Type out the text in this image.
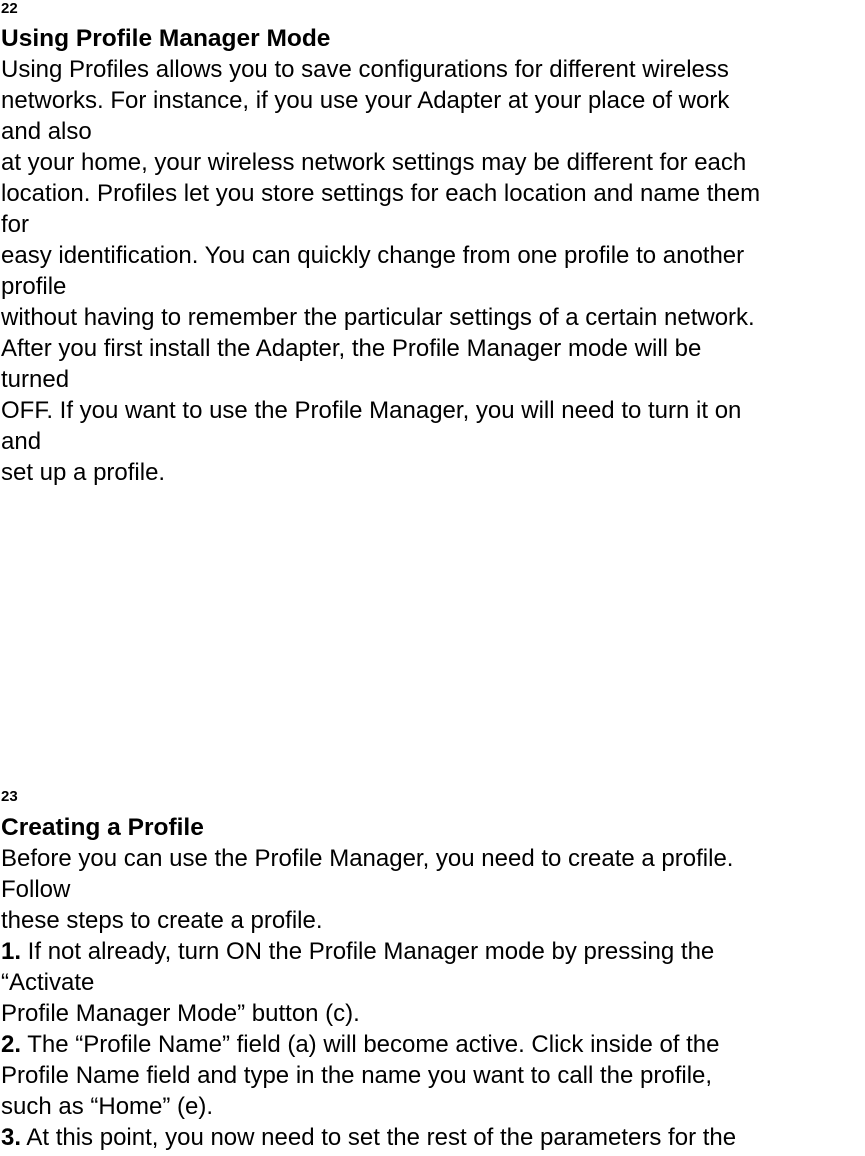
22

Using Profile Manager Mode

Using Profiles allows you to save configurations for different wireless

networks. For instance, if you use your Adapter at your place of work

and also

at your home, your wireless network settings may be different for each

location. Profiles let you store settings for each location and name them

for

easy identification. You can quickly change from one profile to another

profile

without having to remember the particular settings of a certain network.

After you first install the Adapter, the Profile Manager mode will be

turned

OFF. If you want to use the Profile Manager, you will need to turn it on

and

set up a profile.

23

Creating a Profile

Before you can use the Profile Manager, you need to create a profile.

Follow

these steps to create a profile.

1. If not already, turn ON the Profile Manager mode by pressing the

“Activate

Profile Manager Mode” button (c).

2. The “Profile Name” field (a) will become active. Click inside of the

Profile Name field and type in the name you want to call the profile,

such as “Home” (e).

3. At this point, you now need to set the rest of the parameters for the
